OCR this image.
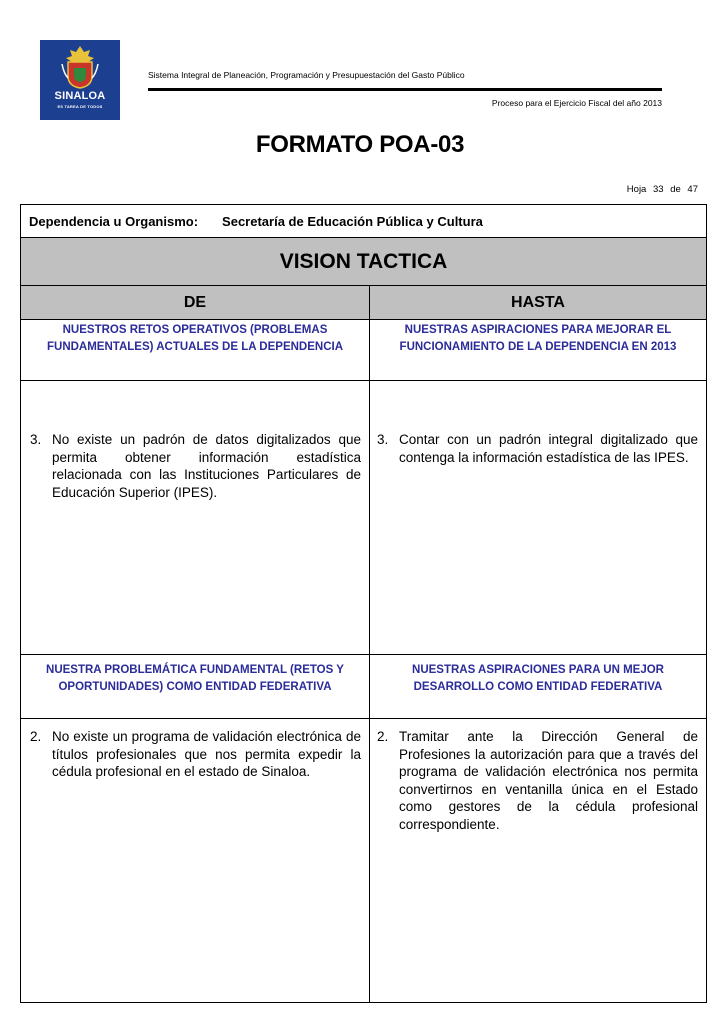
SINALOA
ES TAREA DE TODOS
Sistema Integral de Planeación, Programación y Presupuestación del Gasto Público
Proceso para el Ejercicio Fiscal del año 2013
FORMATO POA-03
Hoja 33 de 47
Dependencia u Organismo: Secretaría de Educación Pública y Cultura
VISION TACTICA
DE	HASTA
NUESTROS RETOS OPERATIVOS (PROBLEMAS FUNDAMENTALES) ACTUALES DE LA DEPENDENCIA
NUESTRAS ASPIRACIONES PARA MEJORAR EL FUNCIONAMIENTO DE LA DEPENDENCIA EN 2013
3. No existe un padrón de datos digitalizados que permita obtener información estadística relacionada con las Instituciones Particulares de Educación Superior (IPES).
3. Contar con un padrón integral digitalizado que contenga la información estadística de las IPES.
NUESTRA PROBLEMÁTICA FUNDAMENTAL (RETOS Y OPORTUNIDADES) COMO ENTIDAD FEDERATIVA
NUESTRAS ASPIRACIONES PARA UN MEJOR DESARROLLO COMO ENTIDAD FEDERATIVA
2. No existe un programa de validación electrónica de títulos profesionales que nos permita expedir la cédula profesional en el estado de Sinaloa.
2. Tramitar ante la Dirección General de Profesiones la autorización para que a través del programa de validación electrónica nos permita convertirnos en ventanilla única en el Estado como gestores de la cédula profesional correspondiente.
